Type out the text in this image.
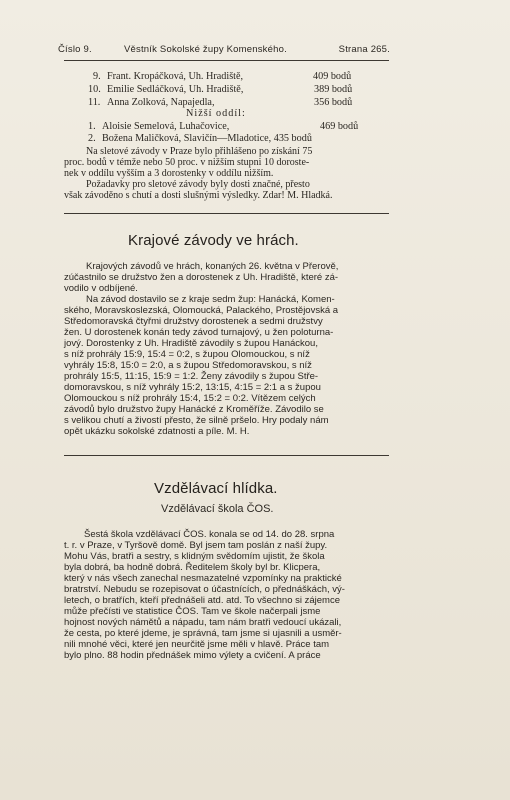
Číslo 9.	Věstník Sokolské župy Komenského.	Strana 265.
9. Frant. Kropáčková, Uh. Hradiště,	409 bodů
10. Emilie Sedláčková, Uh. Hradiště,	389 bodů
11. Anna Zolková, Napajedla,	356 bodů
Nižší oddíl:
1. Aloisie Semelová, Luhačovice,	469 bodů
2. Božena Maličková, Slavičín—Mladotice, 435 bodů
Na sletové závody v Praze bylo přihlášeno po získání 75
proc. bodů v témže nebo 50 proc. v nižším stupni 10 doroste-
nek v oddílu vyšším a 3 dorostenky v oddílu nižším.
Požadavky pro sletové závody byly dosti značné, přesto
však závoděno s chutí a dosti slušnými výsledky. Zdar! M. Hladká.
Krajové závody ve hrách.
Krajových závodů ve hrách, konaných 26. května v Přerově,
zúčastnilo se družstvo žen a dorostenek z Uh. Hradiště, které zá-
vodilo v odbíjené.
Na závod dostavilo se z kraje sedm žup: Hanácká, Komen-
ského, Moravskoslezská, Olomoucká, Palackého, Prostějovská a
Středomoravská čtyřmi družstvy dorostenek a sedmi družstvy
žen. U dorostenek konán tedy závod turnajový, u žen poloturna-
jový. Dorostenky z Uh. Hradiště závodily s župou Hanáckou,
s níž prohrály 15:9, 15:4 = 0:2, s župou Olomouckou, s níž
vyhrály 15:8, 15:0 = 2:0, a s župou Středomoravskou, s níž
prohrály 15:5, 11:15, 15:9 = 1:2. Ženy závodily s župou Stře-
domoravskou, s níž vyhrály 15:2, 13:15, 4:15 = 2:1 a s župou
Olomouckou s níž prohrály 15:4, 15:2 = 0:2. Vítězem celých
závodů bylo družstvo župy Hanácké z Kroměříže. Závodilo se
s velikou chutí a živostí přesto, že silně pršelo. Hry podaly nám
opět ukázku sokolské zdatnosti a píle. M. H.
Vzdělávací hlídka.
Vzdělávací škola ČOS.
Šestá škola vzdělávací ČOS. konala se od 14. do 28. srpna
t. r. v Praze, v Tyršově domě. Byl jsem tam poslán z naší župy.
Mohu Vás, bratři a sestry, s klidným svědomím ujistit, že škola
byla dobrá, ba hodně dobrá. Ředitelem školy byl br. Klicpera,
který v nás všech zanechal nesmazatelné vzpomínky na praktické
bratrství. Nebudu se rozepisovat o účastnících, o přednáškách, vý-
letech, o bratřích, kteří přednášeli atd. atd. To všechno si zájemce
může přečísti ve statistice ČOS. Tam ve škole načerpali jsme
hojnost nových námětů a nápadu, tam nám bratři vedoucí ukázali,
že cesta, po které jdeme, je správná, tam jsme si ujasnili a usměr-
nili mnohé věci, které jen neurčitě jsme měli v hlavě. Práce tam
bylo plno. 88 hodin přednášek mimo výlety a cvičení. A práce
